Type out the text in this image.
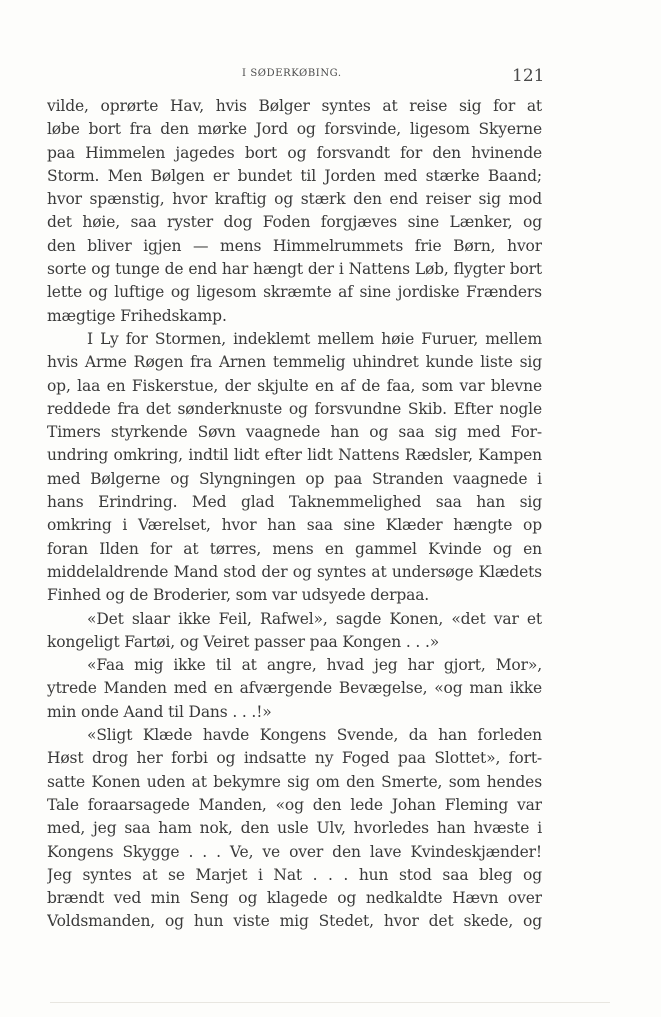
I SØDERKØBING.	121
vilde, oprørte Hav, hvis Bølger syntes at reise sig for at
løbe bort fra den mørke Jord og forsvinde, ligesom Skyerne
paa Himmelen jagedes bort og forsvandt for den hvinende
Storm. Men Bølgen er bundet til Jorden med stærke Baand;
hvor spænstig, hvor kraftig og stærk den end reiser sig mod
det høie, saa ryster dog Foden forgjæves sine Lænker, og
den bliver igjen — mens Himmelrummets frie Børn, hvor
sorte og tunge de end har hængt der i Nattens Løb, flygter bort
lette og luftige og ligesom skræmte af sine jordiske Frænders
mægtige Frihedskamp.
I Ly for Stormen, indeklemt mellem høie Furuer, mellem
hvis Arme Røgen fra Arnen temmelig uhindret kunde liste sig
op, laa en Fiskerstue, der skjulte en af de faa, som var blevne
reddede fra det sønderknuste og forsvundne Skib. Efter nogle
Timers styrkende Søvn vaagnede han og saa sig med For-
undring omkring, indtil lidt efter lidt Nattens Rædsler, Kampen
med Bølgerne og Slyngningen op paa Stranden vaagnede i
hans Erindring. Med glad Taknemmelighed saa han sig
omkring i Værelset, hvor han saa sine Klæder hængte op
foran Ilden for at tørres, mens en gammel Kvinde og en
middelaldrende Mand stod der og syntes at undersøge Klædets
Finhed og de Broderier, som var udsyede derpaa.
«Det slaar ikke Feil, Rafwel», sagde Konen, «det var et
kongeligt Fartøi, og Veiret passer paa Kongen . . .»
«Faa mig ikke til at angre, hvad jeg har gjort, Mor»,
ytrede Manden med en afværgende Bevægelse, «og man ikke
min onde Aand til Dans . . .!»
«Sligt Klæde havde Kongens Svende, da han forleden
Høst drog her forbi og indsatte ny Foged paa Slottet», fort-
satte Konen uden at bekymre sig om den Smerte, som hendes
Tale foraarsagede Manden, «og den lede Johan Fleming var
med, jeg saa ham nok, den usle Ulv, hvorledes han hvæste i
Kongens Skygge . . . Ve, ve over den lave Kvindeskjænder!
Jeg syntes at se Marjet i Nat . . . hun stod saa bleg og
brændt ved min Seng og klagede og nedkaldte Hævn over
Voldsmanden, og hun viste mig Stedet, hvor det skede, og
